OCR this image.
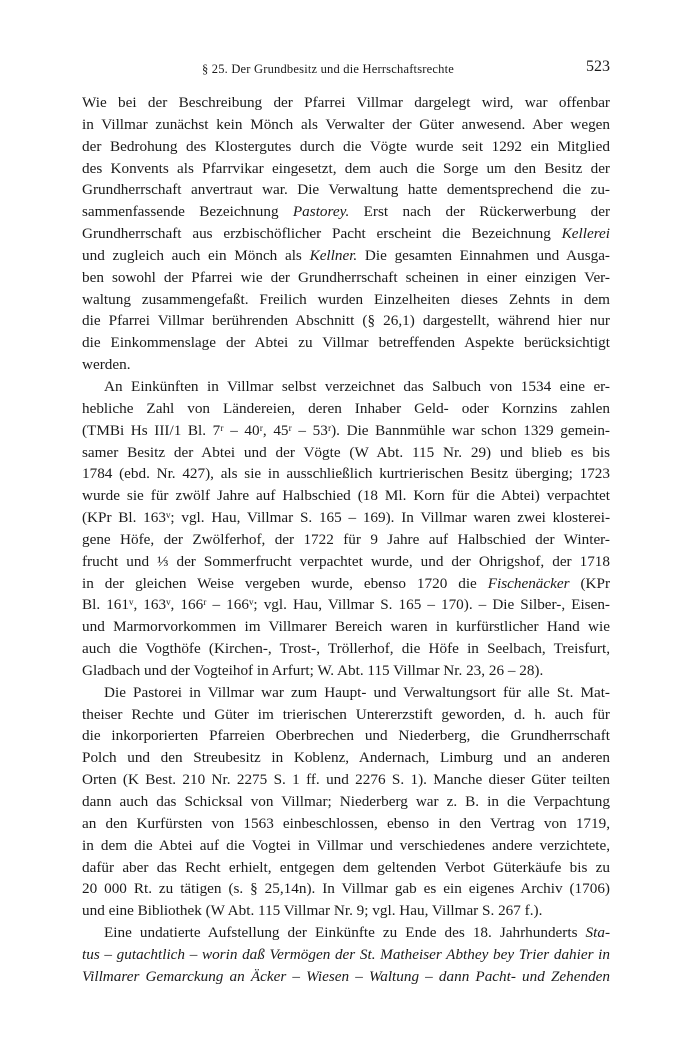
§ 25. Der Grundbesitz und die Herrschaftsrechte	523
Wie bei der Beschreibung der Pfarrei Villmar dargelegt wird, war offenbar
in Villmar zunächst kein Mönch als Verwalter der Güter anwesend. Aber wegen
der Bedrohung des Klostergutes durch die Vögte wurde seit 1292 ein Mitglied
des Konvents als Pfarrvikar eingesetzt, dem auch die Sorge um den Besitz der
Grundherrschaft anvertraut war. Die Verwaltung hatte dementsprechend die zu-
sammenfassende Bezeichnung Pastorey. Erst nach der Rückerwerbung der
Grundherrschaft aus erzbischöflicher Pacht erscheint die Bezeichnung Kellerei
und zugleich auch ein Mönch als Kellner. Die gesamten Einnahmen und Ausga-
ben sowohl der Pfarrei wie der Grundherrschaft scheinen in einer einzigen Ver-
waltung zusammengefaßt. Freilich wurden Einzelheiten dieses Zehnts in dem
die Pfarrei Villmar berührenden Abschnitt (§ 26,1) dargestellt, während hier nur
die Einkommenslage der Abtei zu Villmar betreffenden Aspekte berücksichtigt
werden.
An Einkünften in Villmar selbst verzeichnet das Salbuch von 1534 eine er-
hebliche Zahl von Ländereien, deren Inhaber Geld- oder Kornzins zahlen
(TMBi Hs III/1 Bl. 7ʳ – 40ʳ, 45ʳ – 53ʳ). Die Bannmühle war schon 1329 gemein-
samer Besitz der Abtei und der Vögte (W Abt. 115 Nr. 29) und blieb es bis
1784 (ebd. Nr. 427), als sie in ausschließlich kurtrierischen Besitz überging; 1723
wurde sie für zwölf Jahre auf Halbschied (18 Ml. Korn für die Abtei) verpachtet
(KPr Bl. 163ᵛ; vgl. Hau, Villmar S. 165 – 169). In Villmar waren zwei klosterei-
gene Höfe, der Zwölferhof, der 1722 für 9 Jahre auf Halbschied der Winter-
frucht und ⅓ der Sommerfrucht verpachtet wurde, und der Ohrigshof, der 1718
in der gleichen Weise vergeben wurde, ebenso 1720 die Fischenäcker (KPr
Bl. 161ᵛ, 163ᵛ, 166ʳ – 166ᵛ; vgl. Hau, Villmar S. 165 – 170). – Die Silber-, Eisen-
und Marmorvorkommen im Villmarer Bereich waren in kurfürstlicher Hand wie
auch die Vogthöfe (Kirchen-, Trost-, Tröllerhof, die Höfe in Seelbach, Treisfurt,
Gladbach und der Vogteihof in Arfurt; W. Abt. 115 Villmar Nr. 23, 26 – 28).
Die Pastorei in Villmar war zum Haupt- und Verwaltungsort für alle St. Mat-
theiser Rechte und Güter im trierischen Untererzstift geworden, d. h. auch für
die inkorporierten Pfarreien Oberbrechen und Niederberg, die Grundherrschaft
Polch und den Streubesitz in Koblenz, Andernach, Limburg und an anderen
Orten (K Best. 210 Nr. 2275 S. 1 ff. und 2276 S. 1). Manche dieser Güter teilten
dann auch das Schicksal von Villmar; Niederberg war z. B. in die Verpachtung
an den Kurfürsten von 1563 einbeschlossen, ebenso in den Vertrag von 1719,
in dem die Abtei auf die Vogtei in Villmar und verschiedenes andere verzichtete,
dafür aber das Recht erhielt, entgegen dem geltenden Verbot Güterkäufe bis zu
20 000 Rt. zu tätigen (s. § 25,14n). In Villmar gab es ein eigenes Archiv (1706)
und eine Bibliothek (W Abt. 115 Villmar Nr. 9; vgl. Hau, Villmar S. 267 f.).
Eine undatierte Aufstellung der Einkünfte zu Ende des 18. Jahrhunderts Sta-
tus – gutachtlich – worin daß Vermögen der St. Matheiser Abthey bey Trier dahier in
Villmarer Gemarckung an Äcker – Wiesen – Waltung – dann Pacht- und Zehenden
